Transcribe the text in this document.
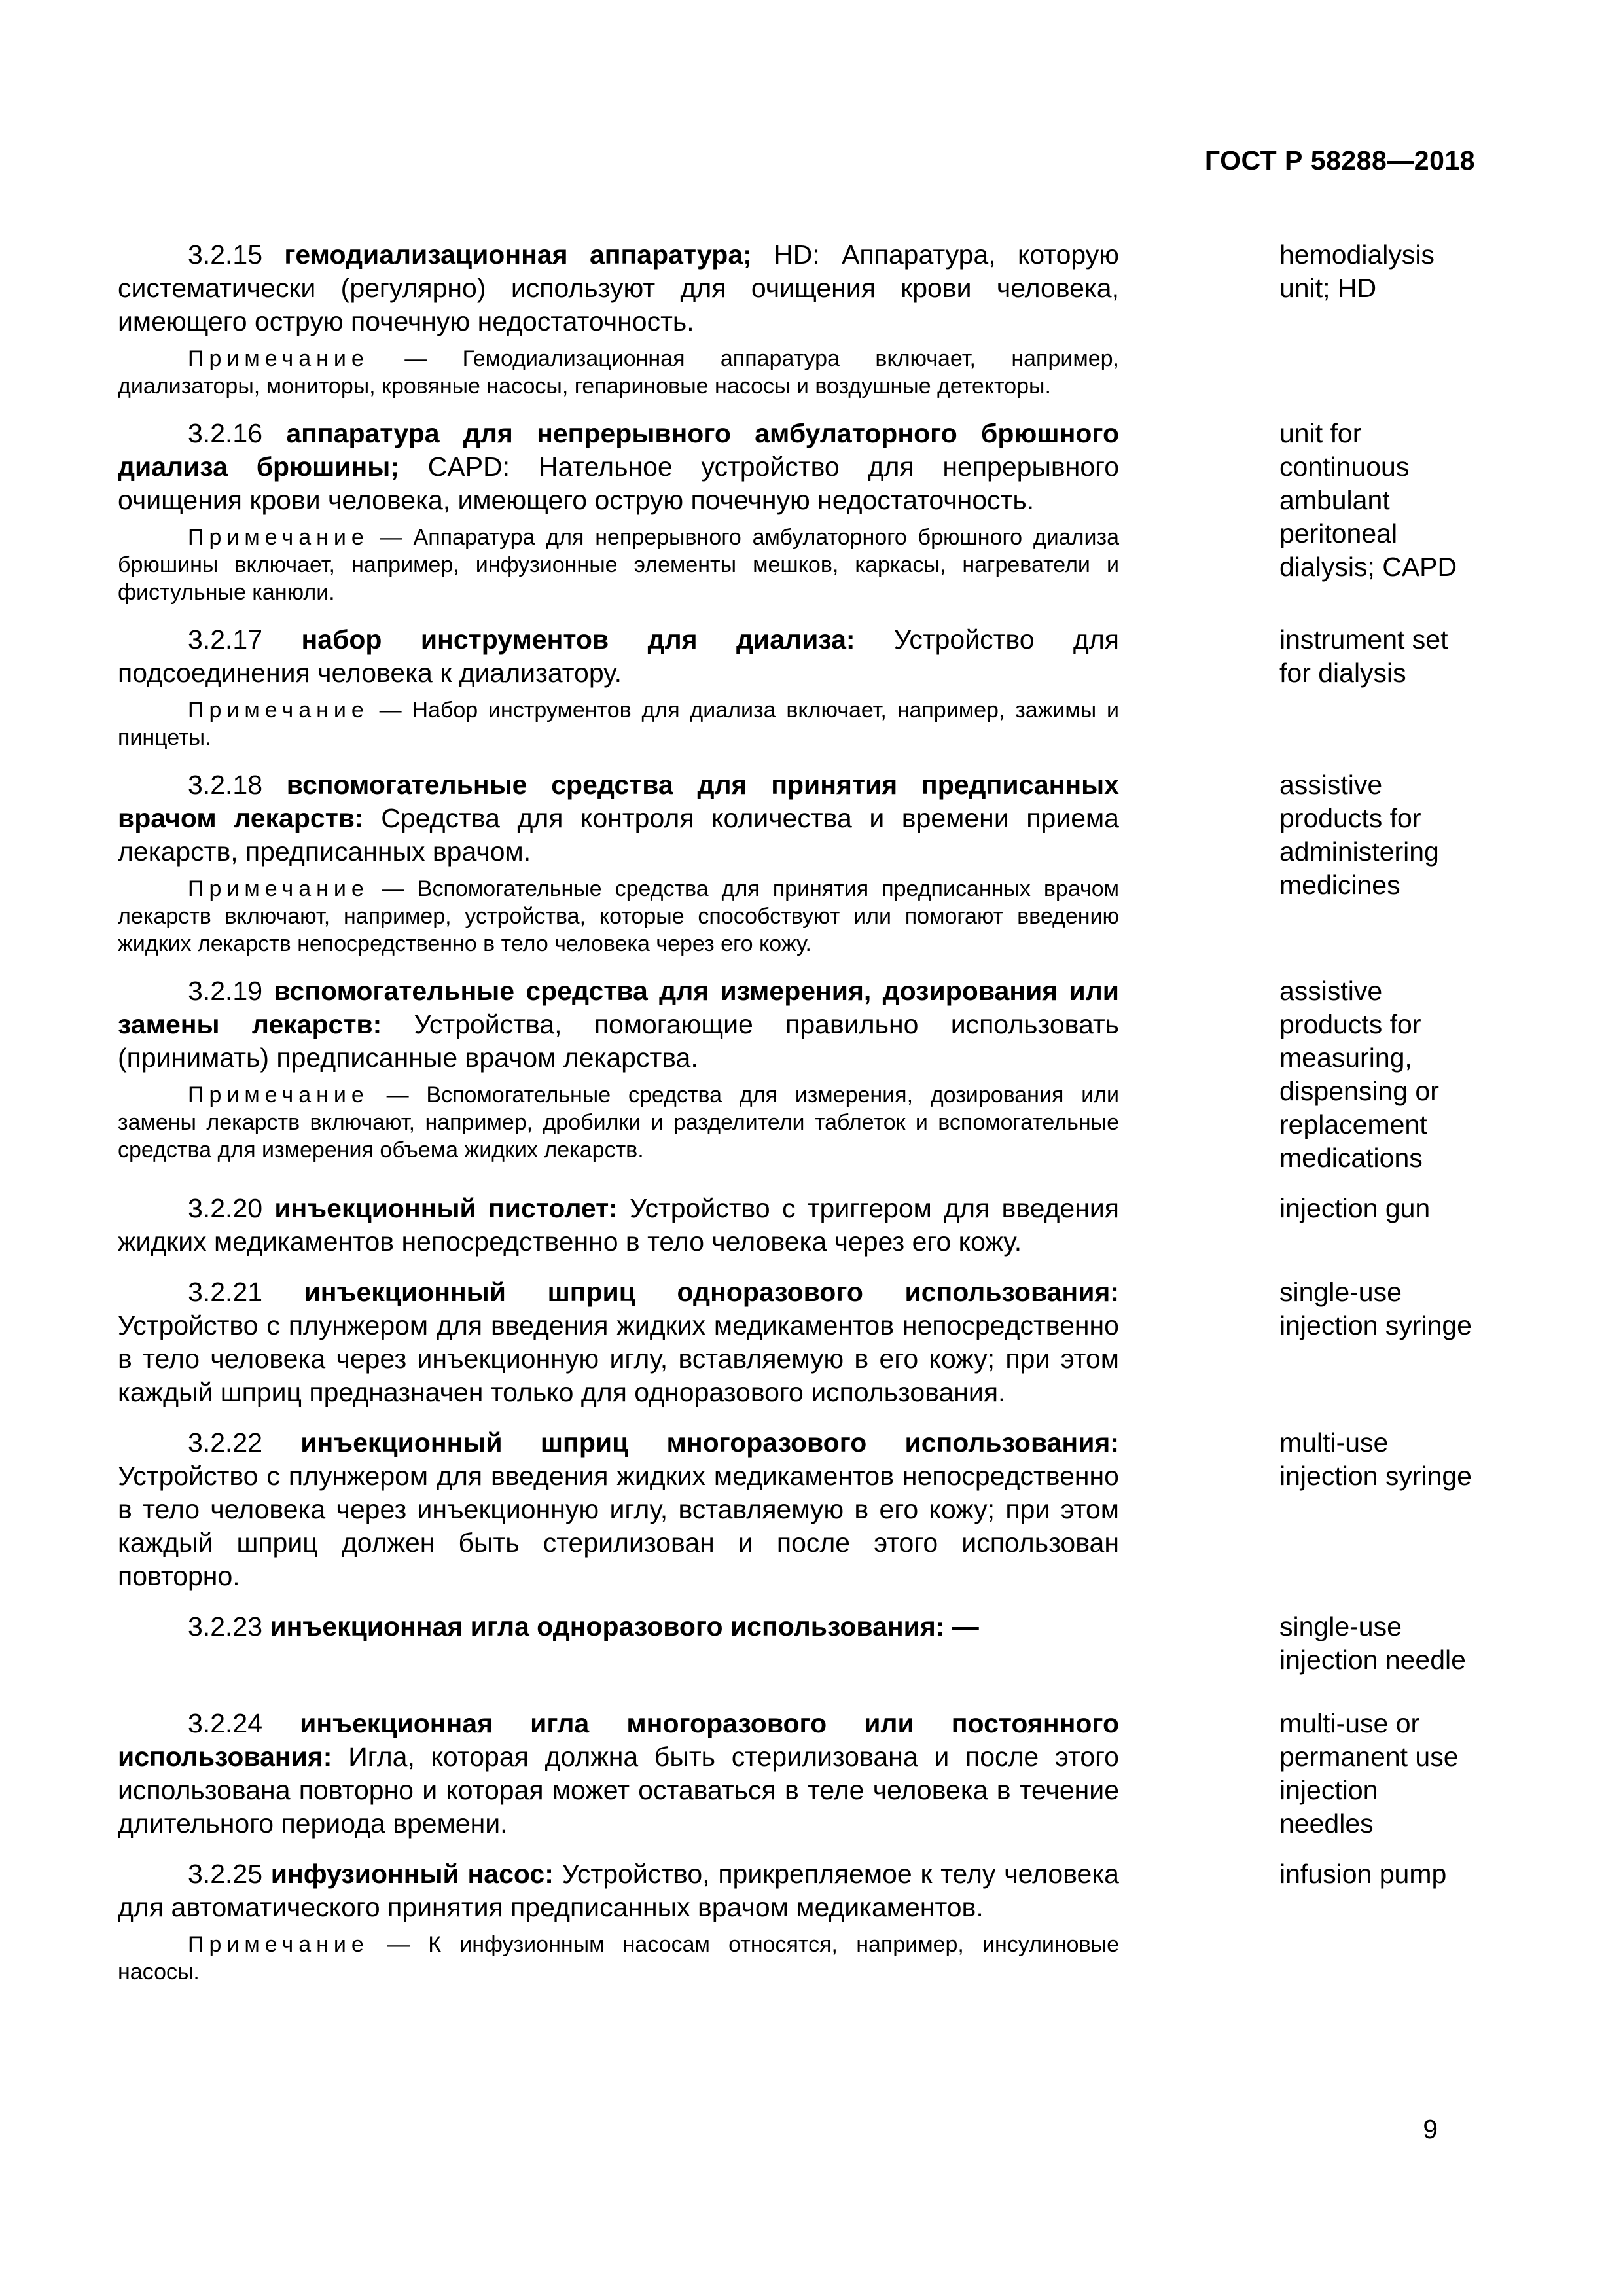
ГОСТ Р 58288—2018

3.2.15 гемодиализационная аппаратура; HD: Аппаратура, которую систематически (регулярно) используют для очищения крови человека, имеющего острую почечную недостаточность.

Примечание — Гемодиализационная аппаратура включает, например, диализаторы, мониторы, кровяные насосы, гепариновые насосы и воздушные детекторы.

hemodialysis unit; HD

3.2.16 аппаратура для непрерывного амбулаторного брюшного диализа брюшины; CAPD: Нательное устройство для непрерывного очищения крови человека, имеющего острую почечную недостаточность.

Примечание — Аппаратура для непрерывного амбулаторного брюшного диализа брюшины включает, например, инфузионные элементы мешков, каркасы, нагреватели и фистульные канюли.

unit for continuous ambulant peritoneal dialysis; CAPD

3.2.17 набор инструментов для диализа: Устройство для подсоединения человека к диализатору.

Примечание — Набор инструментов для диализа включает, например, зажимы и пинцеты.

instrument set for dialysis

3.2.18 вспомогательные средства для принятия предписанных врачом лекарств: Средства для контроля количества и времени приема лекарств, предписанных врачом.

Примечание — Вспомогательные средства для принятия предписанных врачом лекарств включают, например, устройства, которые способствуют или помогают введению жидких лекарств непосредственно в тело человека через его кожу.

assistive products for administering medicines

3.2.19 вспомогательные средства для измерения, дозирования или замены лекарств: Устройства, помогающие правильно использовать (принимать) предписанные врачом лекарства.

Примечание — Вспомогательные средства для измерения, дозирования или замены лекарств включают, например, дробилки и разделители таблеток и вспомогательные средства для измерения объема жидких лекарств.

assistive products for measuring, dispensing or replacement medications

3.2.20 инъекционный пистолет: Устройство с триггером для введения жидких медикаментов непосредственно в тело человека через его кожу.

injection gun

3.2.21 инъекционный шприц одноразового использования: Устройство с плунжером для введения жидких медикаментов непосредственно в тело человека через инъекционную иглу, вставляемую в его кожу; при этом каждый шприц предназначен только для одноразового использования.

single-use injection syringe

3.2.22 инъекционный шприц многоразового использования: Устройство с плунжером для введения жидких медикаментов непосредственно в тело человека через инъекционную иглу, вставляемую в его кожу; при этом каждый шприц должен быть стерилизован и после этого использован повторно.

multi-use injection syringe

3.2.23 инъекционная игла одноразового использования: —	single-use injection needle

3.2.24 инъекционная игла многоразового или постоянного использования: Игла, которая должна быть стерилизована и после этого использована повторно и которая может оставаться в теле человека в течение длительного периода времени.

multi-use or permanent use injection needles

3.2.25 инфузионный насос: Устройство, прикрепляемое к телу человека для автоматического принятия предписанных врачом медикаментов.

Примечание — К инфузионным насосам относятся, например, инсулиновые насосы.

infusion pump
9
